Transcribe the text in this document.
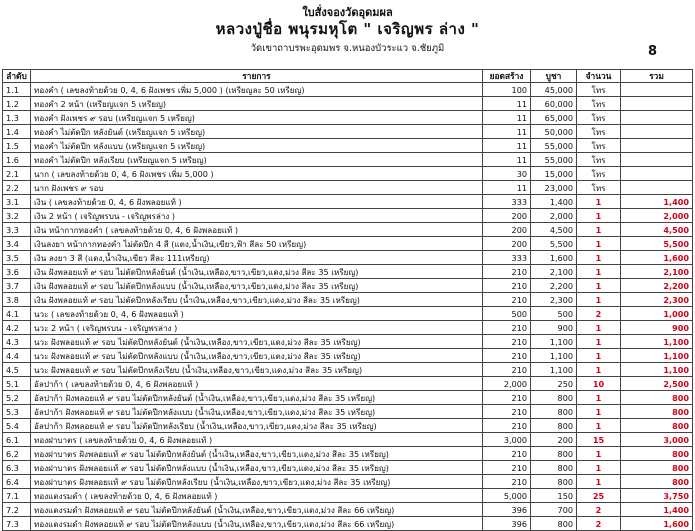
ใบสั่งจองวัดอุดมผล
หลวงปู่ชื่อ พนุรมหุโต " เจริญพร ล่าง "
วัดเขาถาบรพะอุดมพร จ.หนองบัวระแว จ.ชัยภูมิ	8
ลำดับ	รายการ	ยอดสร้าง	บูชา	จำนวน	รวม
1.1	ทองคำ ( เลขลงท้ายด้วย 0, 4, 6 ฝังเพชร เพิ่ม 5,000 ) (เหรียญละ 50 เหรียญ)	100	45,000	โทร	
1.2	ทองคำ 2 หน้า (เหรียญแจก 5 เหรียญ)	11	60,000	โทร	
1.3	ทองคำ ฝังเพชร ๙ รอบ (เหรียญแจก 5 เหรียญ)	11	65,000	โทร	
1.4	ทองคำ ไม่ตัดปีก หลังยันต์ (เหรียญแจก 5 เหรียญ)	11	50,000	โทร	
1.5	ทองคำ ไม่ตัดปีก หลังแบบ (เหรียญแจก 5 เหรียญ)	11	55,000	โทร	
1.6	ทองคำ ไม่ตัดปีก หลังเรียบ (เหรียญแจก 5 เหรียญ)	11	55,000	โทร	
2.1	นาก ( เลขลงท้ายด้วย 0, 4, 6 ฝังเพชร เพิ่ม 5,000 )	30	15,000	โทร	
2.2	นาก ฝังเพชร ๙ รอบ	11	23,000	โทร	
3.1	เงิน ( เลขลงท้ายด้วย 0, 4, 6 ฝังพลอยแท้ )	333	1,400	1	1,400
3.2	เงิน 2 หน้า ( เจริญพรบน - เจริญพรล่าง )	200	2,000	1	2,000
3.3	เงิน หน้ากากทองคำ ( เลขลงท้ายด้วย 0, 4, 6 ฝังพลอยแท้ )	200	4,500	1	4,500
3.4	เงินลงยา หน้ากากทองคำ ไม่ตัดปีก 4 สี (แดง,น้ำเงิน,เขียว,ฟ้า สีละ 50 เหรียญ)	200	5,500	1	5,500
3.5	เงิน ลงยา 3 สี (แดง,น้ำเงิน,เขียว สีละ 111เหรียญ)	333	1,600	1	1,600
3.6	เงิน ฝังพลอยแท้ ๙ รอบ ไม่ตัดปีกหลังยันต์ (น้ำเงิน,เหลือง,ขาว,เขียว,แดง,ม่วง สีละ 35 เหรียญ)	210	2,100	1	2,100
3.7	เงิน ฝังพลอยแท้ ๙ รอบ ไม่ตัดปีกหลังแบบ (น้ำเงิน,เหลือง,ขาว,เขียว,แดง,ม่วง สีละ 35 เหรียญ)	210	2,200	1	2,200
3.8	เงิน ฝังพลอยแท้ ๙ รอบ ไม่ตัดปีกหลังเรียบ (น้ำเงิน,เหลือง,ขาว,เขียว,แดง,ม่วง สีละ 35 เหรียญ)	210	2,300	1	2,300
4.1	นวะ ( เลขลงท้ายด้วย 0, 4, 6 ฝังพลอยแท้ )	500	500	2	1,000
4.2	นวะ 2 หน้า ( เจริญพรบน - เจริญพรล่าง )	210	900	1	900
4.3	นวะ ฝังพลอยแท้ ๙ รอบ ไม่ตัดปีกหลังยันต์ (น้ำเงิน,เหลือง,ขาว,เขียว,แดง,ม่วง สีละ 35 เหรียญ)	210	1,100	1	1,100
4.4	นวะ ฝังพลอยแท้ ๙ รอบ ไม่ตัดปีกหลังแบบ (น้ำเงิน,เหลือง,ขาว,เขียว,แดง,ม่วง สีละ 35 เหรียญ)	210	1,100	1	1,100
4.5	นวะ ฝังพลอยแท้ ๙ รอบ ไม่ตัดปีกหลังเรียบ (น้ำเงิน,เหลือง,ขาว,เขียว,แดง,ม่วง สีละ 35 เหรียญ)	210	1,100	1	1,100
5.1	อัลปาก้า ( เลขลงท้ายด้วย 0, 4, 6 ฝังพลอยแท้ )	2,000	250	10	2,500
5.2	อัลปาก้า ฝังพลอยแท้ ๙ รอบ ไม่ตัดปีกหลังยันต์ (น้ำเงิน,เหลือง,ขาว,เขียว,แดง,ม่วง สีละ 35 เหรียญ)	210	800	1	800
5.3	อัลปาก้า ฝังพลอยแท้ ๙ รอบ ไม่ตัดปีกหลังแบบ (น้ำเงิน,เหลือง,ขาว,เขียว,แดง,ม่วง สีละ 35 เหรียญ)	210	800	1	800
5.4	อัลปาก้า ฝังพลอยแท้ ๙ รอบ ไม่ตัดปีกหลังเรียบ (น้ำเงิน,เหลือง,ขาว,เขียว,แดง,ม่วง สีละ 35 เหรียญ)	210	800	1	800
6.1	ทองฝาบาตร ( เลขลงท้ายด้วย 0, 4, 6 ฝังพลอยแท้ )	3,000	200	15	3,000
6.2	ทองฝาบาตร ฝังพลอยแท้ ๙ รอบ ไม่ตัดปีกหลังยันต์ (น้ำเงิน,เหลือง,ขาว,เขียว,แดง,ม่วง สีละ 35 เหรียญ)	210	800	1	800
6.3	ทองฝาบาตร ฝังพลอยแท้ ๙ รอบ ไม่ตัดปีกหลังแบบ (น้ำเงิน,เหลือง,ขาว,เขียว,แดง,ม่วง สีละ 35 เหรียญ)	210	800	1	800
6.4	ทองฝาบาตร ฝังพลอยแท้ ๙ รอบ ไม่ตัดปีกหลังเรียบ (น้ำเงิน,เหลือง,ขาว,เขียว,แดง,ม่วง สีละ 35 เหรียญ)	210	800	1	800
7.1	ทองแดงรมดำ ( เลขลงท้ายด้วย 0, 4, 6 ฝังพลอยแท้ )	5,000	150	25	3,750
7.2	ทองแดงรมดำ ฝังพลอยแท้ ๙ รอบ ไม่ตัดปีกหลังยันต์ (น้ำเงิน,เหลือง,ขาว,เขียว,แดง,ม่วง สีละ 66 เหรียญ)	396	700	2	1,400
7.3	ทองแดงรมดำ ฝังพลอยแท้ ๙ รอบ ไม่ตัดปีกหลังแบบ (น้ำเงิน,เหลือง,ขาว,เขียว,แดง,ม่วง สีละ 66 เหรียญ)	396	800	2	1,600
